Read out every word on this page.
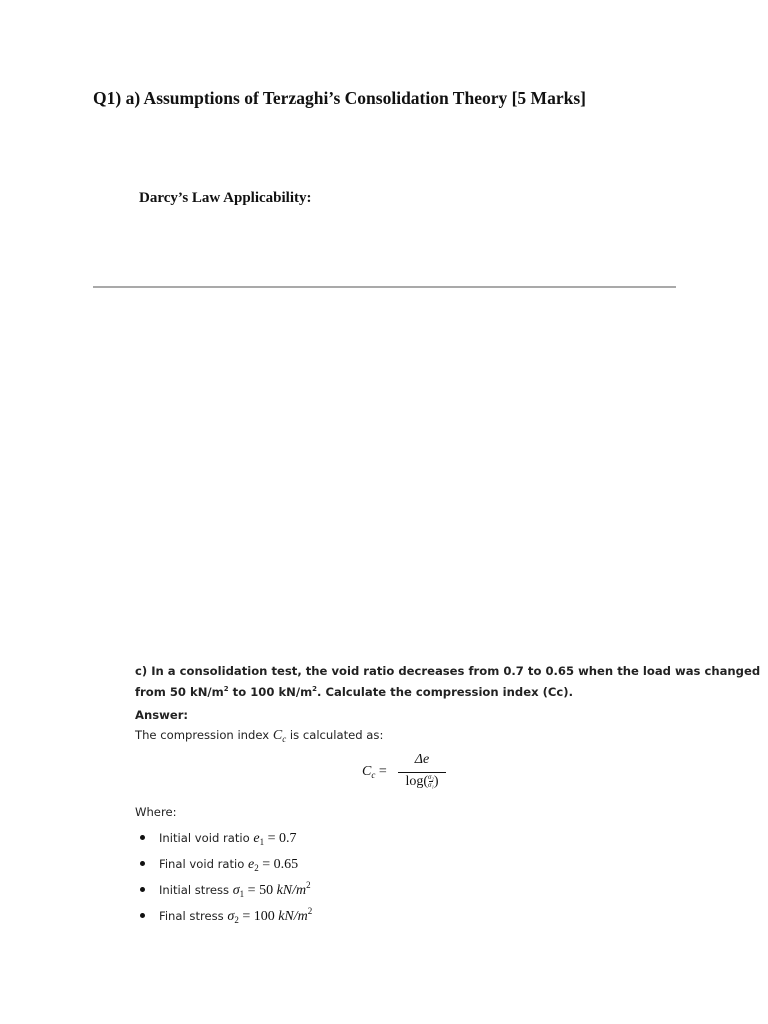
Q1) a) Assumptions of Terzaghi’s Consolidation Theory [5 Marks]
Darcy’s Law Applicability:
c) In a consolidation test, the void ratio decreases from 0.7 to 0.65 when the load was changed
from 50 $kN/m^2$ to 100 $kN/m^2$. Calculate the compression index (Cc).
Answer:
The compression index $C_c$ is calculated as:
$C_c$ =
Δe
$\log(\frac{\text{σ₂}}{\text{σ₁}})$
Where:
Initial void ratio $e_1 = 0.7$
Final void ratio $e_2 = 0.65$
Initial stress $\sigma_1 = 50$ $kN/m^2$
Final stress $\sigma_2 = 100$ $kN/m^2$
